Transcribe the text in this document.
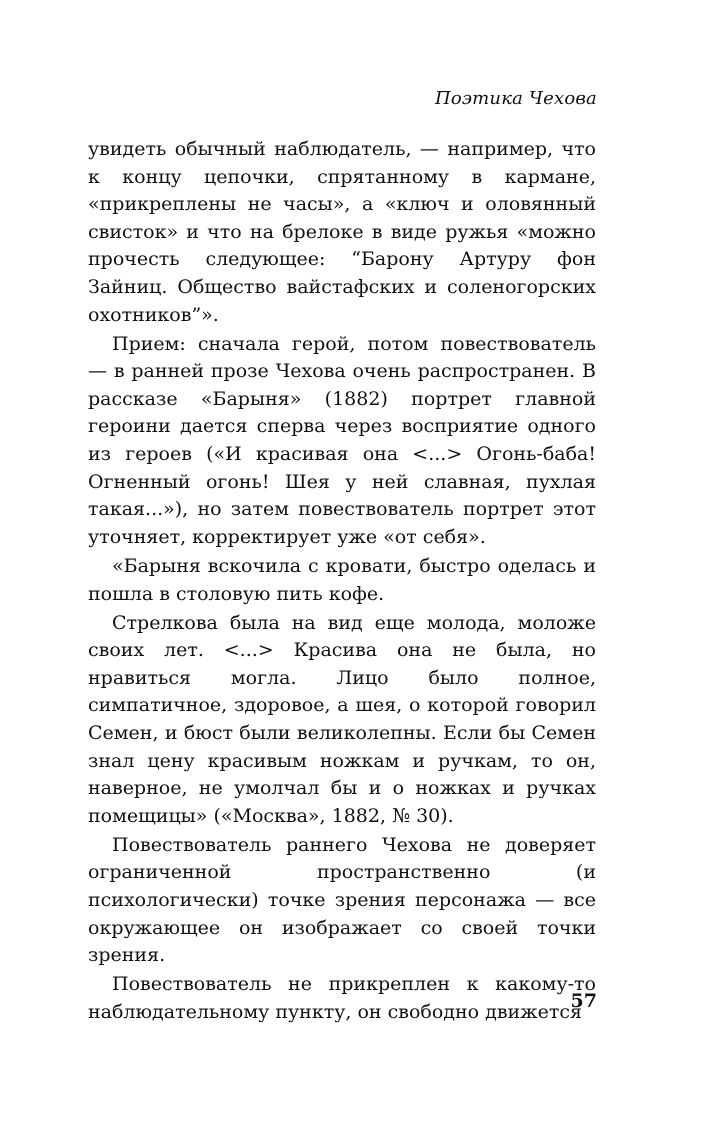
Поэтика Чехова

увидеть обычный наблюдатель, — например, что к концу цепочки, спрятанному в кармане, «прикреплены не часы», а «ключ и оловянный свисток» и что на брелоке в виде ружья «можно прочесть следующее: “Барону Артуру фон Зайниц. Общество вайстафских и соленогорских охотников”».

Прием: сначала герой, потом повествователь — в ранней прозе Чехова очень распространен. В рассказе «Барыня» (1882) портрет главной героини дается сперва через восприятие одного из героев («И красивая она <...> Огонь-баба! Огненный огонь! Шея у ней славная, пухлая такая...»), но затем повествователь портрет этот уточняет, корректирует уже «от себя».

«Барыня вскочила с кровати, быстро оделась и пошла в столовую пить кофе.

Стрелкова была на вид еще молода, моложе своих лет. <...> Красива она не была, но нравиться могла. Лицо было полное, симпатичное, здоровое, а шея, о которой говорил Семен, и бюст были великолепны. Если бы Семен знал цену красивым ножкам и ручкам, то он, наверное, не умолчал бы и о ножках и ручках помещицы» («Москва», 1882, № 30).

Повествователь раннего Чехова не доверяет ограниченной пространственно (и психологически) точке зрения персонажа — все окружающее он изображает со своей точки зрения.

Повествователь не прикреплен к какому-то наблюдательному пункту, он свободно движется

57
